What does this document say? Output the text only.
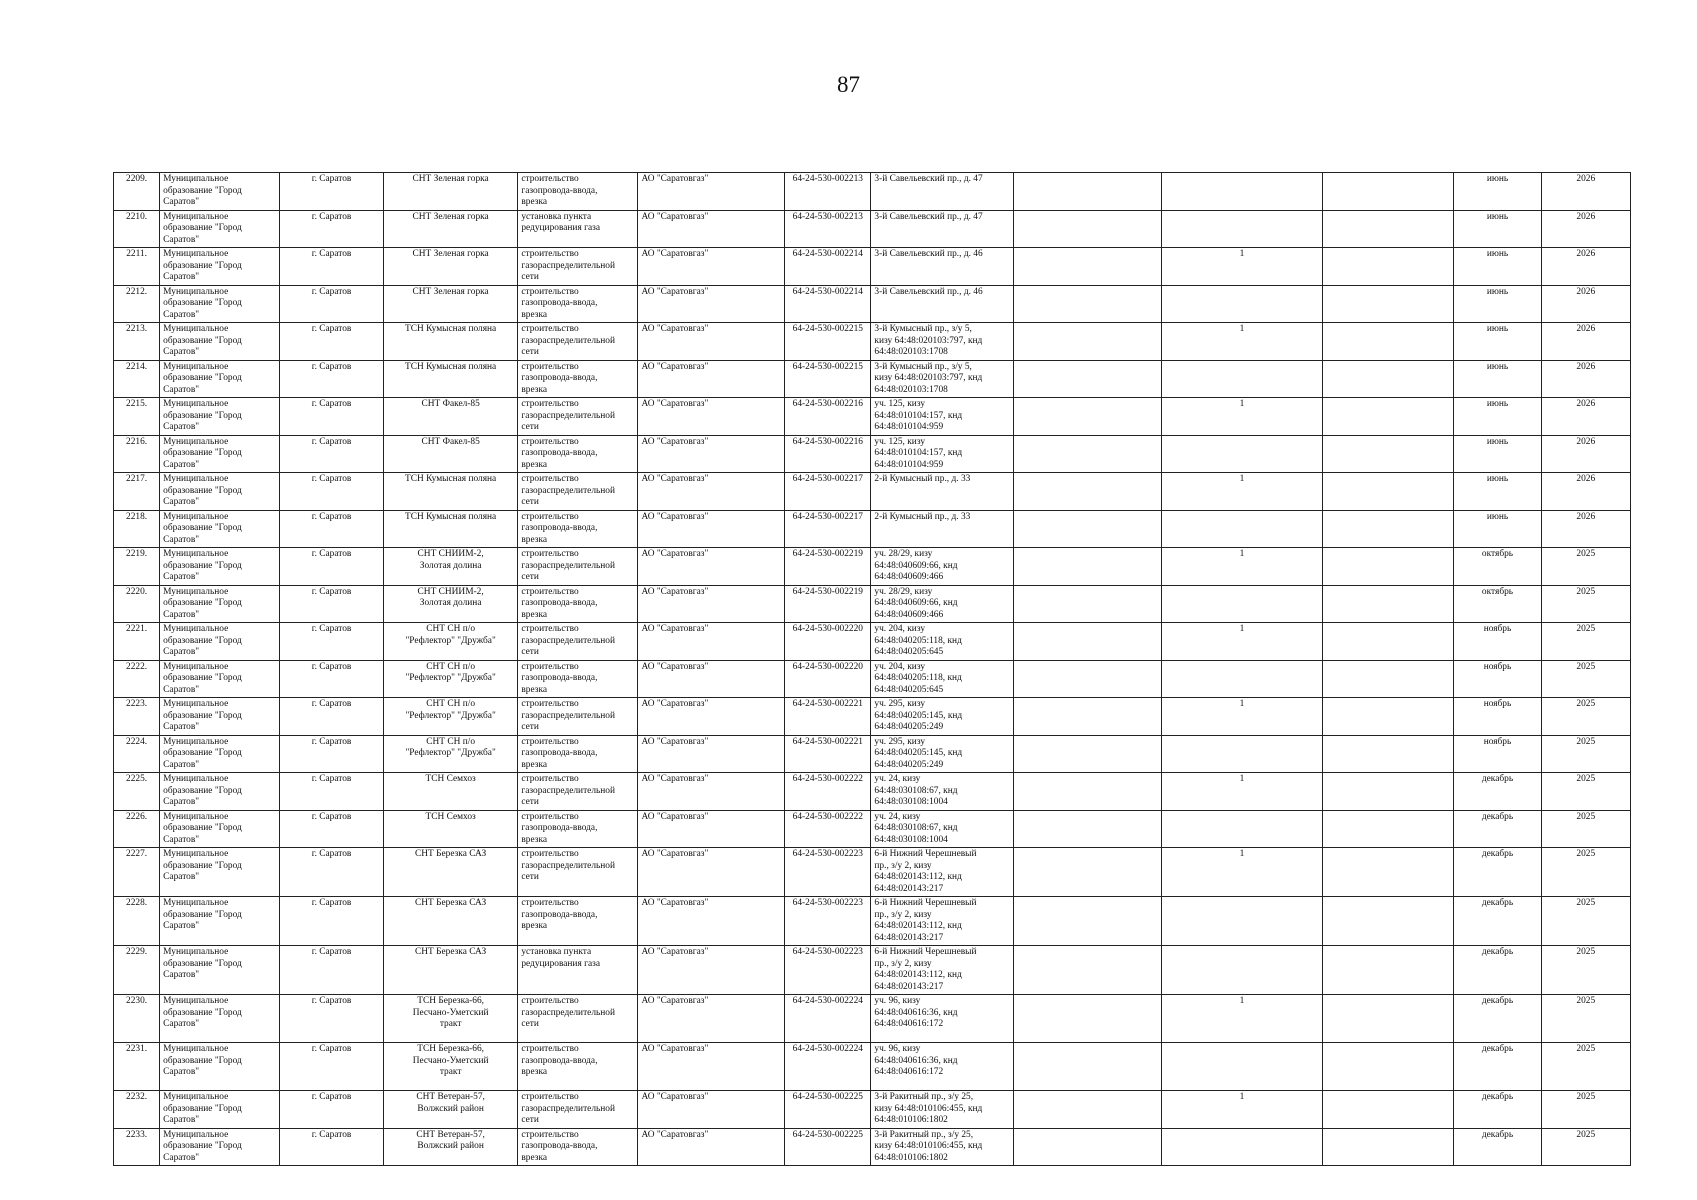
87
2209.	Муниципальное
образование "Город
Саратов"	г. Саратов	СНТ Зеленая горка	строительство
газопровода-ввода,
врезка	АО "Саратовгаз"	64-24-530-002213	3-й Савельевский пр., д. 47				июнь	2026
2210.	Муниципальное
образование "Город
Саратов"	г. Саратов	СНТ Зеленая горка	установка пункта
редуцирования газа	АО "Саратовгаз"	64-24-530-002213	3-й Савельевский пр., д. 47				июнь	2026
2211.	Муниципальное
образование "Город
Саратов"	г. Саратов	СНТ Зеленая горка	строительство
газораспределительной
сети	АО "Саратовгаз"	64-24-530-002214	3-й Савельевский пр., д. 46		1		июнь	2026
2212.	Муниципальное
образование "Город
Саратов"	г. Саратов	СНТ Зеленая горка	строительство
газопровода-ввода,
врезка	АО "Саратовгаз"	64-24-530-002214	3-й Савельевский пр., д. 46				июнь	2026
2213.	Муниципальное
образование "Город
Саратов"	г. Саратов	ТСН Кумысная поляна	строительство
газораспределительной
сети	АО "Саратовгаз"	64-24-530-002215	3-й Кумысный пр., з/у 5,
кизу 64:48:020103:797, кнд
64:48:020103:1708		1		июнь	2026
2214.	Муниципальное
образование "Город
Саратов"	г. Саратов	ТСН Кумысная поляна	строительство
газопровода-ввода,
врезка	АО "Саратовгаз"	64-24-530-002215	3-й Кумысный пр., з/у 5,
кизу 64:48:020103:797, кнд
64:48:020103:1708				июнь	2026
2215.	Муниципальное
образование "Город
Саратов"	г. Саратов	СНТ Факел-85	строительство
газораспределительной
сети	АО "Саратовгаз"	64-24-530-002216	уч. 125, кизу
64:48:010104:157, кнд
64:48:010104:959		1		июнь	2026
2216.	Муниципальное
образование "Город
Саратов"	г. Саратов	СНТ Факел-85	строительство
газопровода-ввода,
врезка	АО "Саратовгаз"	64-24-530-002216	уч. 125, кизу
64:48:010104:157, кнд
64:48:010104:959				июнь	2026
2217.	Муниципальное
образование "Город
Саратов"	г. Саратов	ТСН Кумысная поляна	строительство
газораспределительной
сети	АО "Саратовгаз"	64-24-530-002217	2-й Кумысный пр., д. 33		1		июнь	2026
2218.	Муниципальное
образование "Город
Саратов"	г. Саратов	ТСН Кумысная поляна	строительство
газопровода-ввода,
врезка	АО "Саратовгаз"	64-24-530-002217	2-й Кумысный пр., д. 33				июнь	2026
2219.	Муниципальное
образование "Город
Саратов"	г. Саратов	СНТ СНИИМ-2,
Золотая долина	строительство
газораспределительной
сети	АО "Саратовгаз"	64-24-530-002219	уч. 28/29, кизу
64:48:040609:66, кнд
64:48:040609:466		1		октябрь	2025
2220.	Муниципальное
образование "Город
Саратов"	г. Саратов	СНТ СНИИМ-2,
Золотая долина	строительство
газопровода-ввода,
врезка	АО "Саратовгаз"	64-24-530-002219	уч. 28/29, кизу
64:48:040609:66, кнд
64:48:040609:466				октябрь	2025
2221.	Муниципальное
образование "Город
Саратов"	г. Саратов	СНТ СН п/о
"Рефлектор" "Дружба"	строительство
газораспределительной
сети	АО "Саратовгаз"	64-24-530-002220	уч. 204, кизу
64:48:040205:118, кнд
64:48:040205:645		1		ноябрь	2025
2222.	Муниципальное
образование "Город
Саратов"	г. Саратов	СНТ СН п/о
"Рефлектор" "Дружба"	строительство
газопровода-ввода,
врезка	АО "Саратовгаз"	64-24-530-002220	уч. 204, кизу
64:48:040205:118, кнд
64:48:040205:645				ноябрь	2025
2223.	Муниципальное
образование "Город
Саратов"	г. Саратов	СНТ СН п/о
"Рефлектор" "Дружба"	строительство
газораспределительной
сети	АО "Саратовгаз"	64-24-530-002221	уч. 295, кизу
64:48:040205:145, кнд
64:48:040205:249		1		ноябрь	2025
2224.	Муниципальное
образование "Город
Саратов"	г. Саратов	СНТ СН п/о
"Рефлектор" "Дружба"	строительство
газопровода-ввода,
врезка	АО "Саратовгаз"	64-24-530-002221	уч. 295, кизу
64:48:040205:145, кнд
64:48:040205:249				ноябрь	2025
2225.	Муниципальное
образование "Город
Саратов"	г. Саратов	ТСН Семхоз	строительство
газораспределительной
сети	АО "Саратовгаз"	64-24-530-002222	уч. 24, кизу
64:48:030108:67, кнд
64:48:030108:1004		1		декабрь	2025
2226.	Муниципальное
образование "Город
Саратов"	г. Саратов	ТСН Семхоз	строительство
газопровода-ввода,
врезка	АО "Саратовгаз"	64-24-530-002222	уч. 24, кизу
64:48:030108:67, кнд
64:48:030108:1004				декабрь	2025
2227.	Муниципальное
образование "Город
Саратов"	г. Саратов	СНТ Березка САЗ	строительство
газораспределительной
сети	АО "Саратовгаз"	64-24-530-002223	6-й Нижний Черешневый
пр., з/у 2, кизу
64:48:020143:112, кнд
64:48:020143:217		1		декабрь	2025
2228.	Муниципальное
образование "Город
Саратов"	г. Саратов	СНТ Березка САЗ	строительство
газопровода-ввода,
врезка	АО "Саратовгаз"	64-24-530-002223	6-й Нижний Черешневый
пр., з/у 2, кизу
64:48:020143:112, кнд
64:48:020143:217				декабрь	2025
2229.	Муниципальное
образование "Город
Саратов"	г. Саратов	СНТ Березка САЗ	установка пункта
редуцирования газа	АО "Саратовгаз"	64-24-530-002223	6-й Нижний Черешневый
пр., з/у 2, кизу
64:48:020143:112, кнд
64:48:020143:217				декабрь	2025
2230.	Муниципальное
образование "Город
Саратов"	г. Саратов	ТСН Березка-66,
Песчано-Уметский
тракт	строительство
газораспределительной
сети	АО "Саратовгаз"	64-24-530-002224	уч. 96, кизу
64:48:040616:36, кнд
64:48:040616:172		1		декабрь	2025
2231.	Муниципальное
образование "Город
Саратов"	г. Саратов	ТСН Березка-66,
Песчано-Уметский
тракт	строительство
газопровода-ввода,
врезка	АО "Саратовгаз"	64-24-530-002224	уч. 96, кизу
64:48:040616:36, кнд
64:48:040616:172				декабрь	2025
2232.	Муниципальное
образование "Город
Саратов"	г. Саратов	СНТ Ветеран-57,
Волжский район	строительство
газораспределительной
сети	АО "Саратовгаз"	64-24-530-002225	3-й Ракитный пр., з/у 25,
кизу 64:48:010106:455, кнд
64:48:010106:1802		1		декабрь	2025
2233.	Муниципальное
образование "Город
Саратов"	г. Саратов	СНТ Ветеран-57,
Волжский район	строительство
газопровода-ввода,
врезка	АО "Саратовгаз"	64-24-530-002225	3-й Ракитный пр., з/у 25,
кизу 64:48:010106:455, кнд
64:48:010106:1802				декабрь	2025
